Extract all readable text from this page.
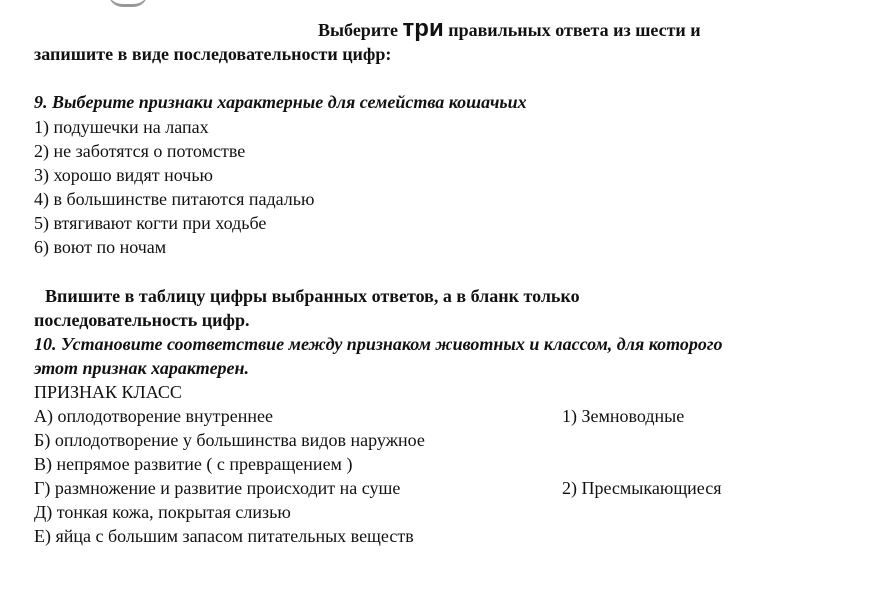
Выберите три правильных ответа из шести и
запишите в виде последовательности цифр:
9. Выберите признаки характерные для семейства кошачьих
1) подушечки на лапах
2) не заботятся о потомстве
3) хорошо видят ночью
4) в большинстве питаются падалью
5) втягивают когти при ходьбе
6) воют по ночам
Впишите в таблицу цифры выбранных ответов, а в бланк только
последовательность цифр.
10. Установите соответствие между признаком животных и классом, для которого
этот признак характерен.
ПРИЗНАК КЛАСС
А) оплодотворение внутреннее
Б) оплодотворение у большинства видов наружное
В) непрямое развитие ( с превращением )
Г) размножение и развитие происходит на суше
Д) тонкая кожа, покрытая слизью
Е) яйца с большим запасом питательных веществ
1) Земноводные
2) Пресмыкающиеся
